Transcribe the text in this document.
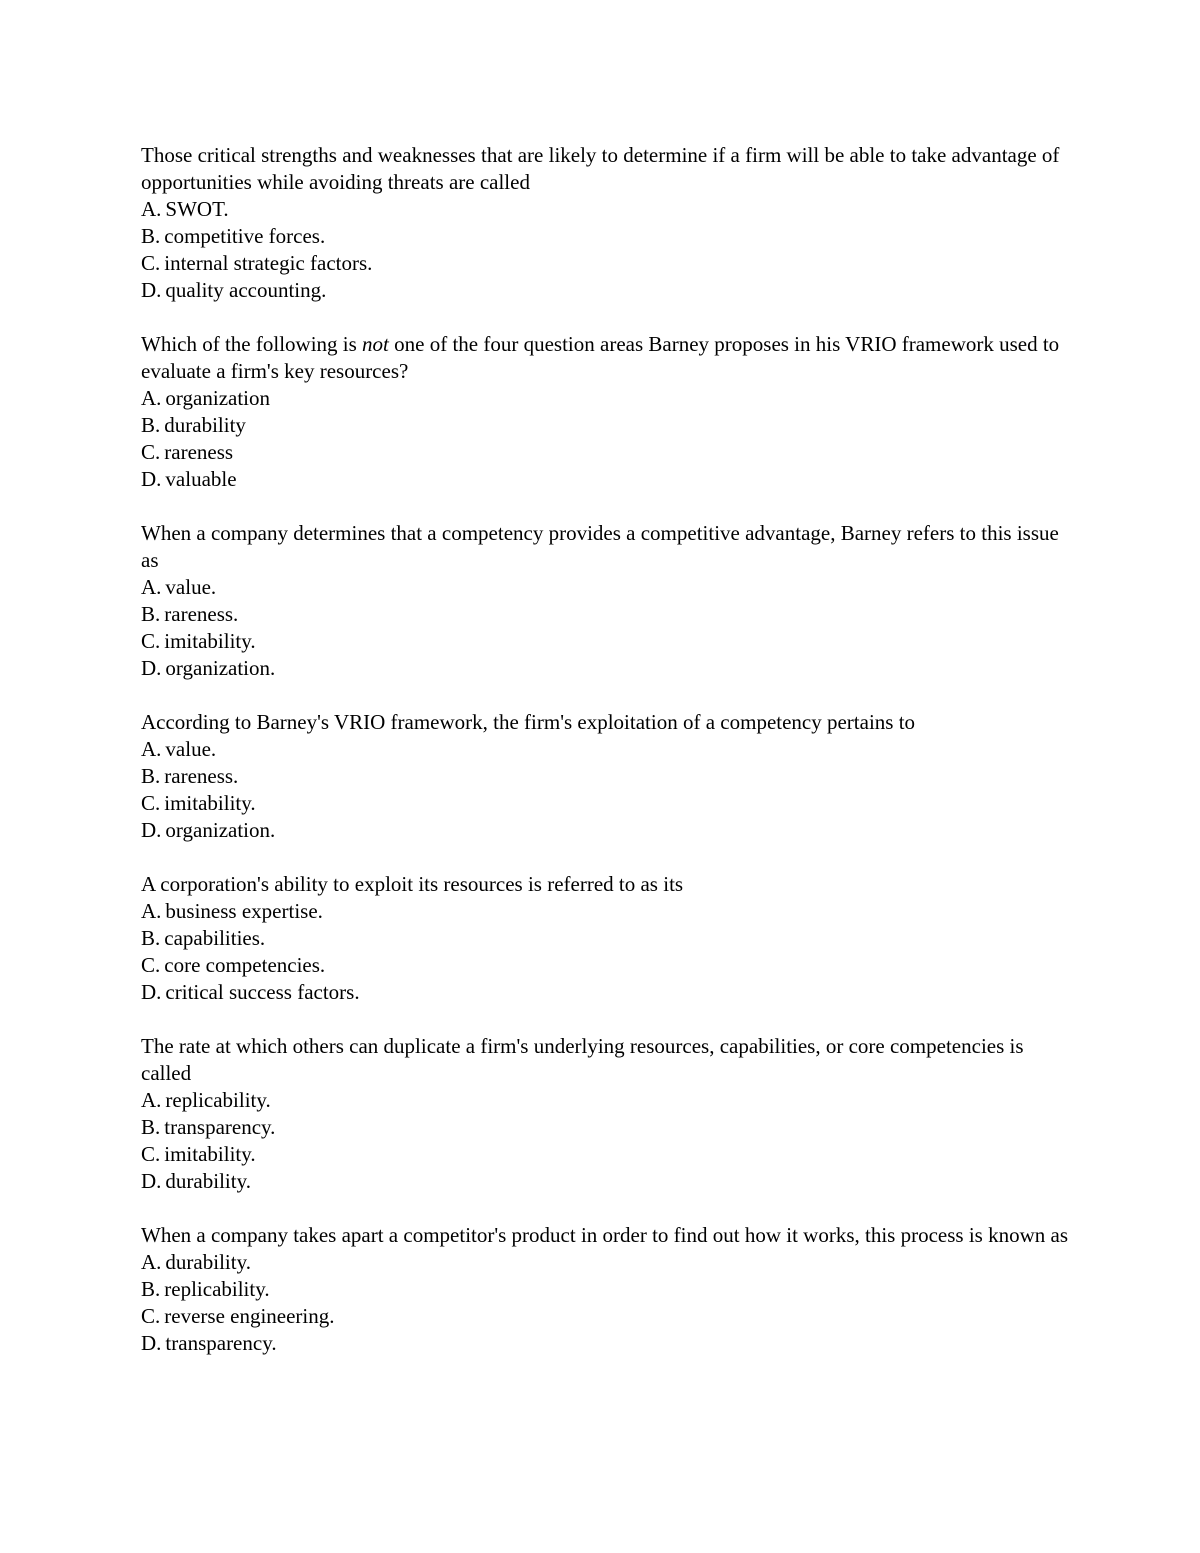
Those critical strengths and weaknesses that are likely to determine if a firm will be able to take advantage of opportunities while avoiding threats are called

A. SWOT.

B. competitive forces.

C. internal strategic factors.

D. quality accounting.

Which of the following is not one of the four question areas Barney proposes in his VRIO framework used to evaluate a firm's key resources?

A. organization

B. durability

C. rareness

D. valuable

When a company determines that a competency provides a competitive advantage, Barney refers to this issue as

A. value.

B. rareness.

C. imitability.

D. organization.

According to Barney's VRIO framework, the firm's exploitation of a competency pertains to

A. value.

B. rareness.

C. imitability.

D. organization.

A corporation's ability to exploit its resources is referred to as its

A. business expertise.

B. capabilities.

C. core competencies.

D. critical success factors.

The rate at which others can duplicate a firm's underlying resources, capabilities, or core competencies is called

A. replicability.

B. transparency.

C. imitability.

D. durability.

When a company takes apart a competitor's product in order to find out how it works, this process is known as

A. durability.

B. replicability.

C. reverse engineering.

D. transparency.
